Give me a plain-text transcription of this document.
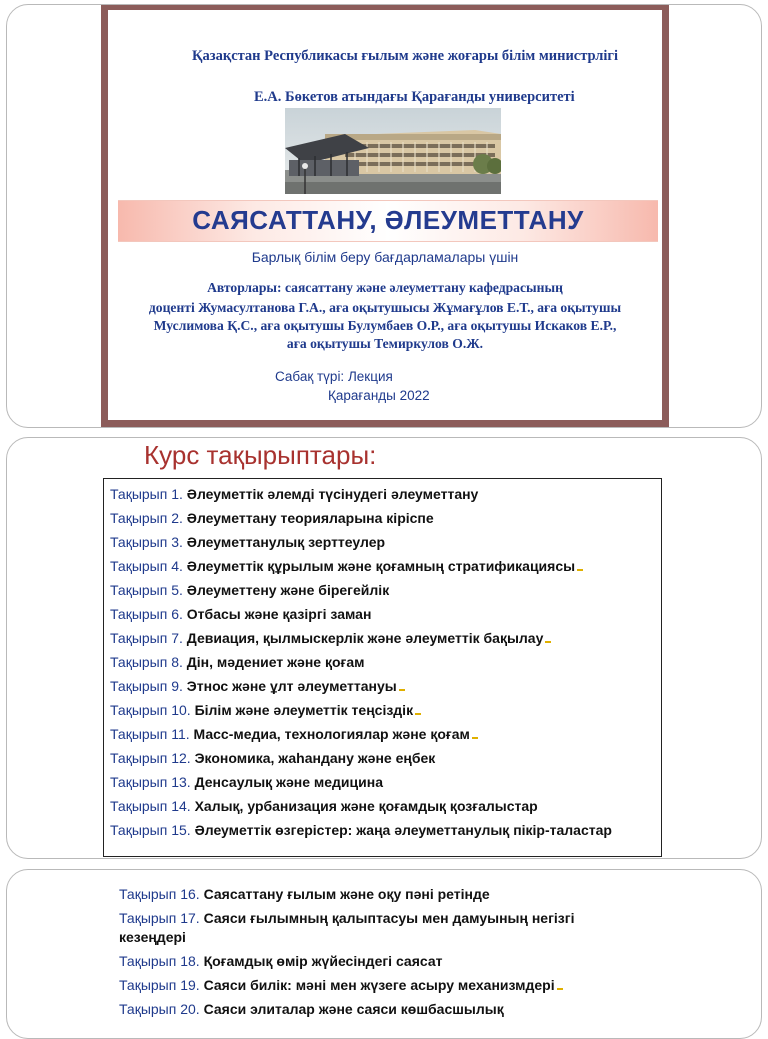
Қазақстан Республикасы ғылым және жоғары білім министрлігі
Е.А. Бөкетов атындағы Қарағанды университеті
САЯСАТТАНУ, ӘЛЕУМЕТТАНУ
Барлық білім беру бағдарламалары үшін
Авторлары: саясаттану және әлеуметтану кафедрасының
доценті Жумасултанова Г.А., аға оқытушысы Жұмағұлов Е.Т., аға оқытушы
Муслимова Қ.С., аға оқытушы Булумбаев О.Р., аға оқытушы Искаков Е.Р.,
аға оқытушы Темиркулов О.Ж.
Сабақ түрі: Лекция
Қарағанды 2022
Курс тақырыптары:
Тақырып 1. Әлеуметтік әлемді түсінудегі әлеуметтану
Тақырып 2. Әлеуметтану теорияларына кіріспе
Тақырып 3. Әлеуметтанулық зерттеулер
Тақырып 4. Әлеуметтік құрылым және қоғамның стратификациясы
Тақырып 5. Әлеуметтену және бірегейлік
Тақырып 6. Отбасы және қазіргі заман
Тақырып 7. Девиация, қылмыскерлік және әлеуметтік бақылау
Тақырып 8. Дін, мәдениет және қоғам
Тақырып 9. Этнос және ұлт әлеуметтануы
Тақырып 10. Білім және әлеуметтік теңсіздік
Тақырып 11. Масс-медиа, технологиялар және қоғам
Тақырып 12. Экономика, жаһандану және еңбек
Тақырып 13. Денсаулық және медицина
Тақырып 14. Халық, урбанизация және қоғамдық қозғалыстар
Тақырып 15. Әлеуметтік өзгерістер: жаңа әлеуметтанулық пікір-таластар
Тақырып 16. Саясаттану ғылым және оқу пәні ретінде
Тақырып 17. Саяси ғылымның қалыптасуы мен дамуының негізгі кезеңдері
Тақырып 18. Қоғамдық өмір жүйесіндегі саясат
Тақырып 19. Саяси билік: мәні мен жүзеге асыру механизмдері
Тақырып 20. Саяси элиталар және саяси көшбасшылық
